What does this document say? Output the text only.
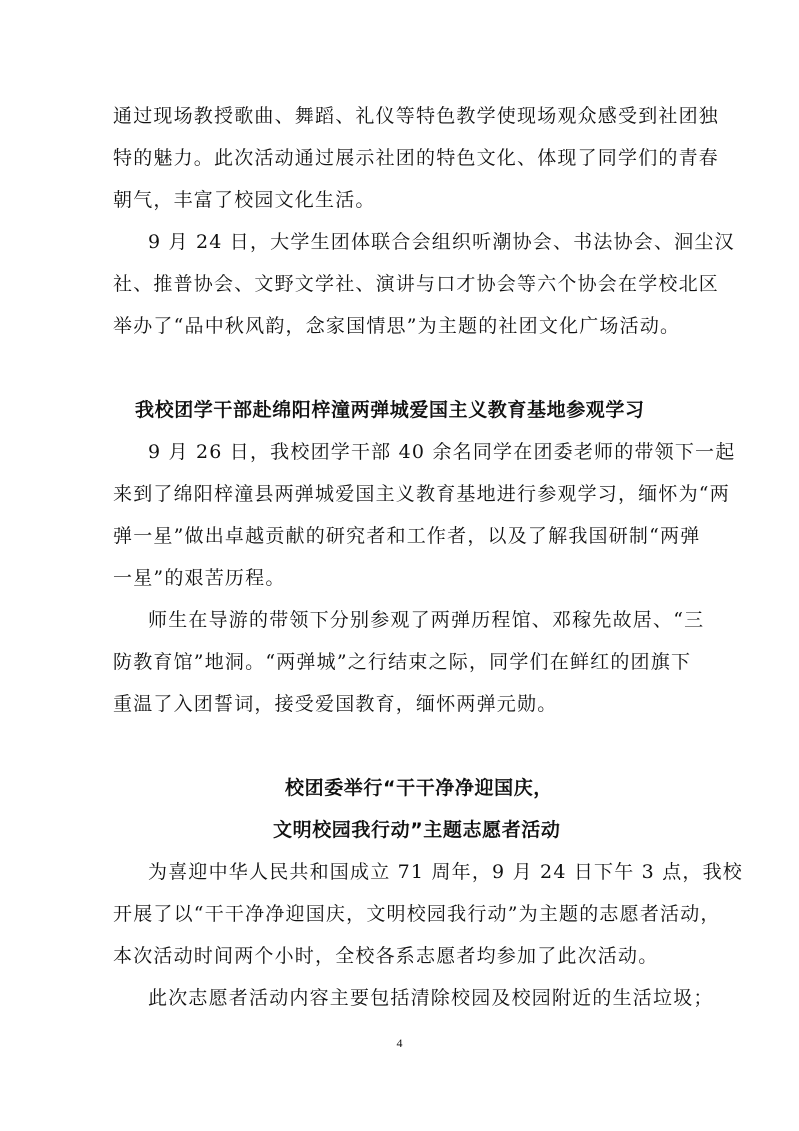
通过现场教授歌曲、舞蹈、礼仪等特色教学使现场观众感受到社团独
特的魅力。此次活动通过展示社团的特色文化、体现了同学们的青春
朝气，丰富了校园文化生活。
9 月 24 日，大学生团体联合会组织听潮协会、书法协会、洄尘汉
社、推普协会、文野文学社、演讲与口才协会等六个协会在学校北区
举办了“品中秋风韵，念家国情思”为主题的社团文化广场活动。
我校团学干部赴绵阳梓潼两弹城爱国主义教育基地参观学习
9 月 26 日，我校团学干部 40 余名同学在团委老师的带领下一起
来到了绵阳梓潼县两弹城爱国主义教育基地进行参观学习，缅怀为“两
弹一星”做出卓越贡献的研究者和工作者，以及了解我国研制“两弹
一星”的艰苦历程。
师生在导游的带领下分别参观了两弹历程馆、邓稼先故居、“三
防教育馆”地洞。“两弹城”之行结束之际，同学们在鲜红的团旗下
重温了入团誓词，接受爱国教育，缅怀两弹元勋。
校团委举行“干干净净迎国庆，
文明校园我行动”主题志愿者活动
为喜迎中华人民共和国成立 71 周年，9 月 24 日下午 3 点，我校
开展了以“干干净净迎国庆，文明校园我行动”为主题的志愿者活动，
本次活动时间两个小时，全校各系志愿者均参加了此次活动。
此次志愿者活动内容主要包括清除校园及校园附近的生活垃圾；
4
